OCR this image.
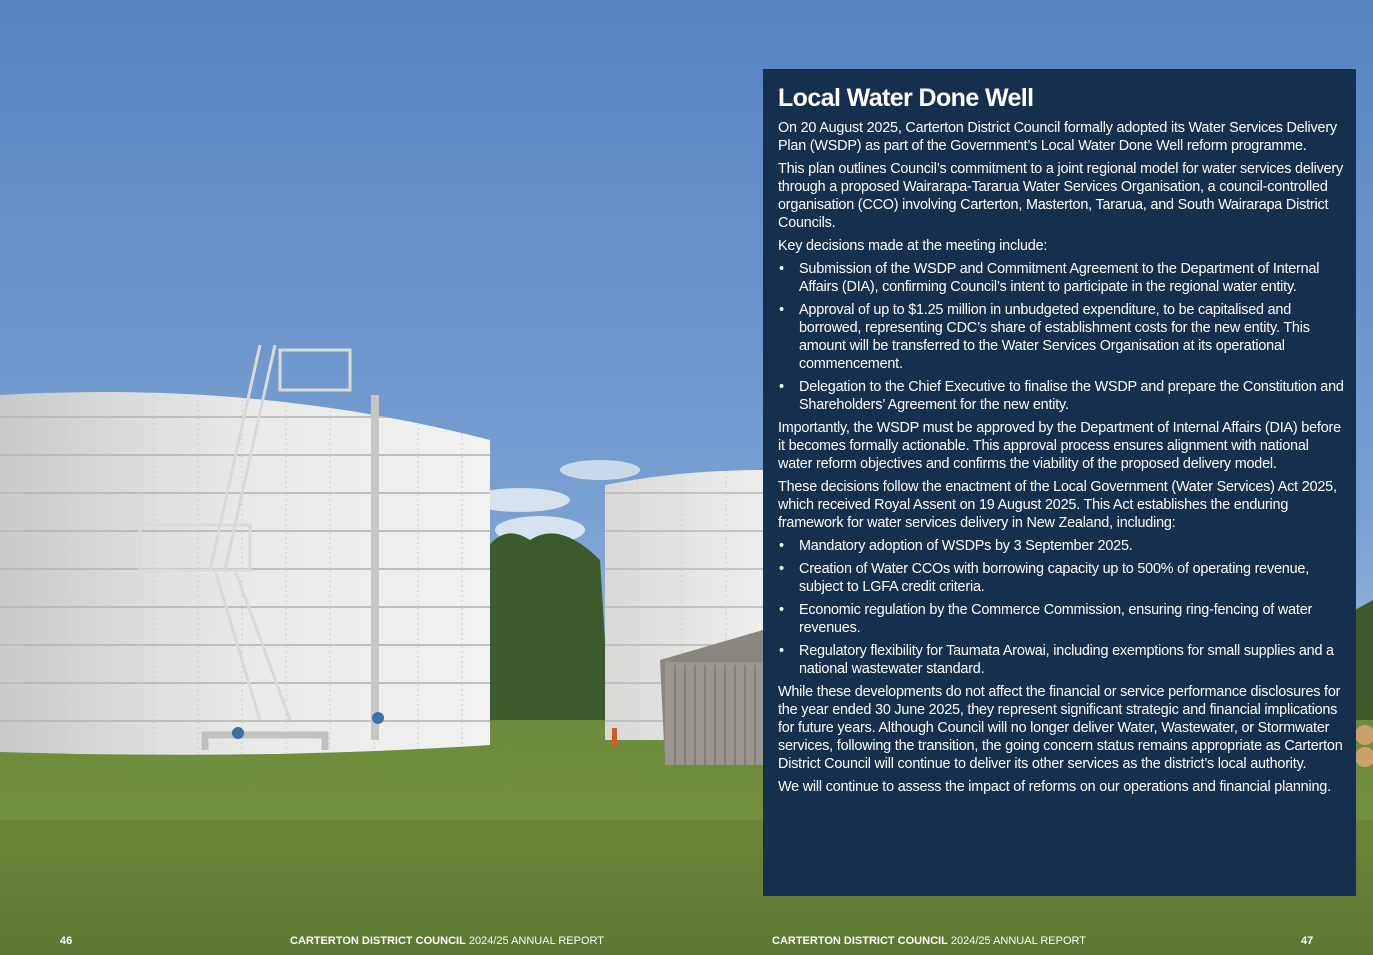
Local Water Done Well

On 20 August 2025, Carterton District Council formally adopted its Water Services Delivery Plan (WSDP) as part of the Government’s Local Water Done Well reform programme.

This plan outlines Council’s commitment to a joint regional model for water services delivery through a proposed Wairarapa-Tararua Water Services Organisation, a council-controlled organisation (CCO) involving Carterton, Masterton, Tararua, and South Wairarapa District Councils.

Key decisions made at the meeting include:

• Submission of the WSDP and Commitment Agreement to the Department of Internal Affairs (DIA), confirming Council’s intent to participate in the regional water entity.
• Approval of up to $1.25 million in unbudgeted expenditure, to be capitalised and borrowed, representing CDC’s share of establishment costs for the new entity. This amount will be transferred to the Water Services Organisation at its operational commencement.
• Delegation to the Chief Executive to finalise the WSDP and prepare the Constitution and Shareholders’ Agreement for the new entity.

Importantly, the WSDP must be approved by the Department of Internal Affairs (DIA) before it becomes formally actionable. This approval process ensures alignment with national water reform objectives and confirms the viability of the proposed delivery model.

These decisions follow the enactment of the Local Government (Water Services) Act 2025, which received Royal Assent on 19 August 2025. This Act establishes the enduring framework for water services delivery in New Zealand, including:

• Mandatory adoption of WSDPs by 3 September 2025.
• Creation of Water CCOs with borrowing capacity up to 500% of operating revenue, subject to LGFA credit criteria.
• Economic regulation by the Commerce Commission, ensuring ring-fencing of water revenues.
• Regulatory flexibility for Taumata Arowai, including exemptions for small supplies and a national wastewater standard.

While these developments do not affect the financial or service performance disclosures for the year ended 30 June 2025, they represent significant strategic and financial implications for future years. Although Council will no longer deliver Water, Wastewater, or Stormwater services, following the transition, the going concern status remains appropriate as Carterton District Council will continue to deliver its other services as the district’s local authority.

We will continue to assess the impact of reforms on our operations and financial planning.

46	CARTERTON DISTRICT COUNCIL 2024/25 ANNUAL REPORT	CARTERTON DISTRICT COUNCIL 2024/25 ANNUAL REPORT	47
